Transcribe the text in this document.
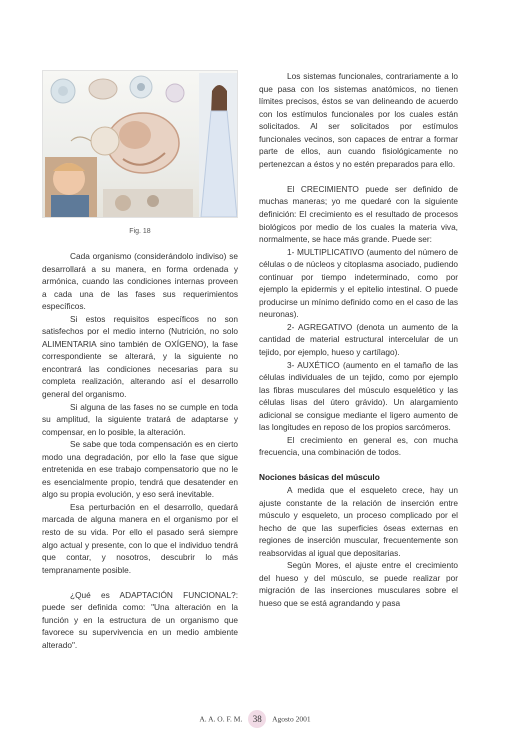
Fig. 18

Cada organismo (considerándolo indiviso) se desarrollará a su manera, en forma ordenada y armónica, cuando las condiciones internas proveen a cada una de las fases sus requerimientos específicos.

Si estos requisitos específicos no son satisfechos por el medio interno (Nutrición, no solo ALIMENTARIA sino también de OXÍGENO), la fase correspondiente se alterará, y la siguiente no encontrará las condiciones necesarias para su completa realización, alterando así el desarrollo general del organismo.

Si alguna de las fases no se cumple en toda su amplitud, la siguiente tratará de adaptarse y compensar, en lo posible, la alteración.

Se sabe que toda compensación es en cierto modo una degradación, por ello la fase que sigue entretenida en ese trabajo compensatorio que no le es esencialmente propio, tendrá que desatender en algo su propia evolución, y eso será inevitable.

Esa perturbación en el desarrollo, quedará marcada de alguna manera en el organismo por el resto de su vida. Por ello el pasado será siempre algo actual y presente, con lo que el individuo tendrá que contar, y nosotros, descubrir lo más tempranamente posible.

¿Qué es ADAPTACIÓN FUNCIONAL?: puede ser definida como: "Una alteración en la función y en la estructura de un organismo que favorece su supervivencia en un medio ambiente alterado".

Los sistemas funcionales, contrariamente a lo que pasa con los sistemas anatómicos, no tienen límites precisos, éstos se van delineando de acuerdo con los estímulos funcionales por los cuales están solicitados. Al ser solicitados por estímulos funcionales vecinos, son capaces de entrar a formar parte de ellos, aun cuando fisiológicamente no pertenezcan a éstos y no estén preparados para ello.

El CRECIMIENTO puede ser definido de muchas maneras; yo me quedaré con la siguiente definición: El crecimiento es el resultado de procesos biológicos por medio de los cuales la materia viva, normalmente, se hace más grande. Puede ser:

1- MULTIPLICATIVO (aumento del número de células o de núcleos y citoplasma asociado, pudiendo continuar por tiempo indeterminado, como por ejemplo la epidermis y el epitelio intestinal. O puede producirse un mínimo definido como en el caso de las neuronas).

2- AGREGATIVO (denota un aumento de la cantidad de material estructural intercelular de un tejido, por ejemplo, hueso y cartílago).

3- AUXÉTICO (aumento en el tamaño de las células individuales de un tejido, como por ejemplo las fibras musculares del músculo esquelético y las células lisas del útero grávido). Un alargamiento adicional se consigue mediante el ligero aumento de las longitudes en reposo de los propios sarcómeros.

El crecimiento en general es, con mucha frecuencia, una combinación de todos.

Nociones básicas del músculo

A medida que el esqueleto crece, hay un ajuste constante de la relación de inserción entre músculo y esqueleto, un proceso complicado por el hecho de que las superficies óseas externas en regiones de inserción muscular, frecuentemente son reabsorvidas al igual que depositarias.

Según Mores, el ajuste entre el crecimiento del hueso y del músculo, se puede realizar por migración de las inserciones musculares sobre el hueso que se está agrandando y pasa

A. A. O. F. M. 38 Agosto 2001
